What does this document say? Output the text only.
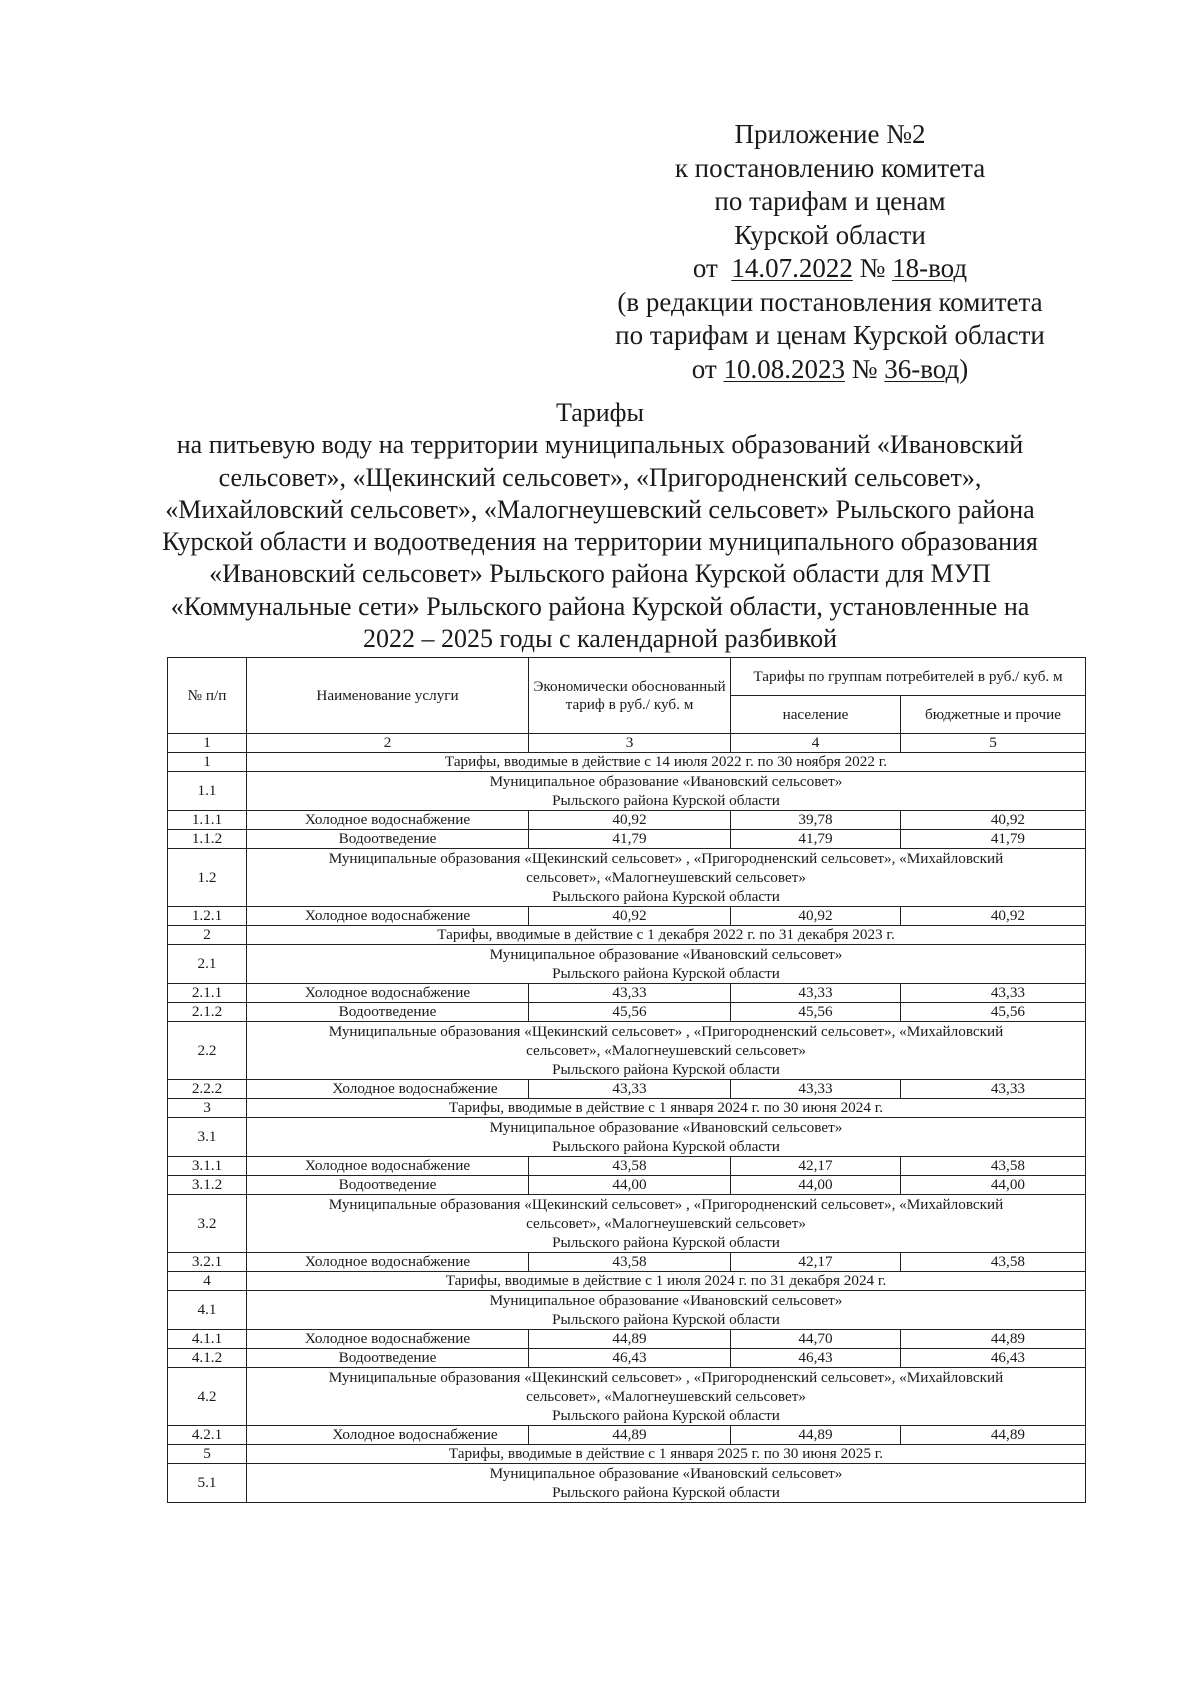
Приложение №2
к постановлению комитета
по тарифам и ценам
Курской области
от 14.07.2022 № 18-вод
(в редакции постановления комитета
по тарифам и ценам Курской области
от 10.08.2023 № 36-вод)
Тарифы
на питьевую воду на территории муниципальных образований «Ивановский
сельсовет», «Щекинский сельсовет», «Пригородненский сельсовет»,
«Михайловский сельсовет», «Малогнеушевский сельсовет» Рыльского района
Курской области и водоотведения на территории муниципального образования
«Ивановский сельсовет» Рыльского района Курской области для МУП
«Коммунальные сети» Рыльского района Курской области, установленные на
2022 – 2025 годы с календарной разбивкой
№ п/п	Наименование услуги	Экономически обоснованный тариф в руб./ куб. м	Тарифы по группам потребителей в руб./ куб. м	
			население	бюджетные и прочие
1	2	3	4	5
1	Тарифы, вводимые в действие с 14 июля 2022 г. по 30 ноября 2022 г.			
1.1	Муниципальное образование «Ивановский сельсовет»
Рыльского района Курской области			

1.1.1	Холодное водоснабжение	40,92	39,78	40,92
1.1.2	Водоотведение	41,79	41,79	41,79
1.2	Муниципальные образования «Щекинский сельсовет» , «Пригородненский сельсовет», «Михайловский
сельсовет», «Малогнеушевский сельсовет»
Рыльского района Курской области			

1.2.1	Холодное водоснабжение	40,92	40,92	40,92
2	Тарифы, вводимые в действие с 1 декабря 2022 г. по 31 декабря 2023 г.			
2.1	Муниципальное образование «Ивановский сельсовет»
Рыльского района Курской области			

2.1.1	Холодное водоснабжение	43,33	43,33	43,33
2.1.2	Водоотведение	45,56	45,56	45,56
2.2	Муниципальные образования «Щекинский сельсовет» , «Пригородненский сельсовет», «Михайловский
сельсовет», «Малогнеушевский сельсовет»
Рыльского района Курской области			

2.2.2	Холодное водоснабжение	43,33	43,33	43,33
3	Тарифы, вводимые в действие с 1 января 2024 г. по 30 июня 2024 г.			
3.1	Муниципальное образование «Ивановский сельсовет»
Рыльского района Курской области			

3.1.1	Холодное водоснабжение	43,58	42,17	43,58
3.1.2	Водоотведение	44,00	44,00	44,00
3.2	Муниципальные образования «Щекинский сельсовет» , «Пригородненский сельсовет», «Михайловский
сельсовет», «Малогнеушевский сельсовет»
Рыльского района Курской области			

3.2.1	Холодное водоснабжение	43,58	42,17	43,58
4	Тарифы, вводимые в действие с 1 июля 2024 г. по 31 декабря 2024 г.			
4.1	Муниципальное образование «Ивановский сельсовет»
Рыльского района Курской области			

4.1.1	Холодное водоснабжение	44,89	44,70	44,89
4.1.2	Водоотведение	46,43	46,43	46,43
4.2	Муниципальные образования «Щекинский сельсовет» , «Пригородненский сельсовет», «Михайловский
сельсовет», «Малогнеушевский сельсовет»
Рыльского района Курской области			

4.2.1	Холодное водоснабжение	44,89	44,89	44,89
5	Тарифы, вводимые в действие с 1 января 2025 г. по 30 июня 2025 г.			
5.1	Муниципальное образование «Ивановский сельсовет»
Рыльского района Курской области			
